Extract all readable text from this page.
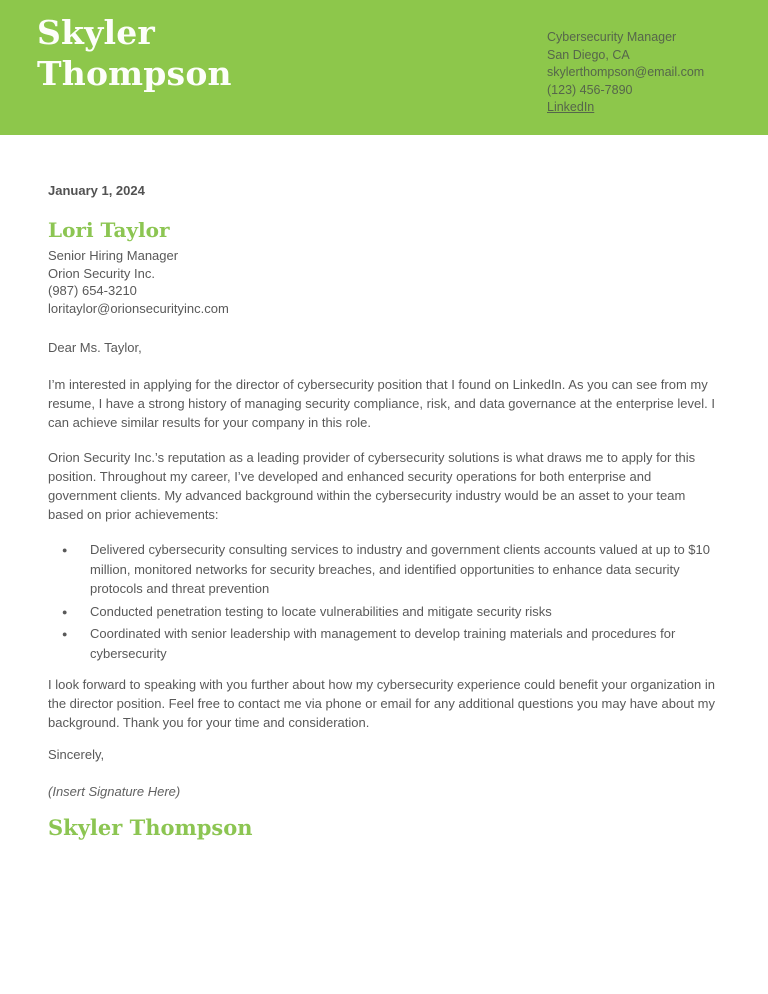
Skyler
Thompson
Cybersecurity Manager
San Diego, CA
skylerthompson@email.com
(123) 456-7890
LinkedIn
January 1, 2024
Lori Taylor
Senior Hiring Manager
Orion Security Inc.
(987) 654-3210
loritaylor@orionsecurityinc.com

Dear Ms. Taylor,

I’m interested in applying for the director of cybersecurity position that I found on LinkedIn. As you can see from my resume, I have a strong history of managing security compliance, risk, and data governance at the enterprise level. I can achieve similar results for your company in this role.

Orion Security Inc.’s reputation as a leading provider of cybersecurity solutions is what draws me to apply for this position. Throughout my career, I’ve developed and enhanced security operations for both enterprise and government clients. My advanced background within the cybersecurity industry would be an asset to your team based on prior achievements:

● Delivered cybersecurity consulting services to industry and government clients accounts valued at up to $10 million, monitored networks for security breaches, and identified opportunities to enhance data security protocols and threat prevention
● Conducted penetration testing to locate vulnerabilities and mitigate security risks
● Coordinated with senior leadership with management to develop training materials and procedures for cybersecurity

I look forward to speaking with you further about how my cybersecurity experience could benefit your organization in the director position. Feel free to contact me via phone or email for any additional questions you may have about my background. Thank you for your time and consideration.

Sincerely,

(Insert Signature Here)

Skyler Thompson
